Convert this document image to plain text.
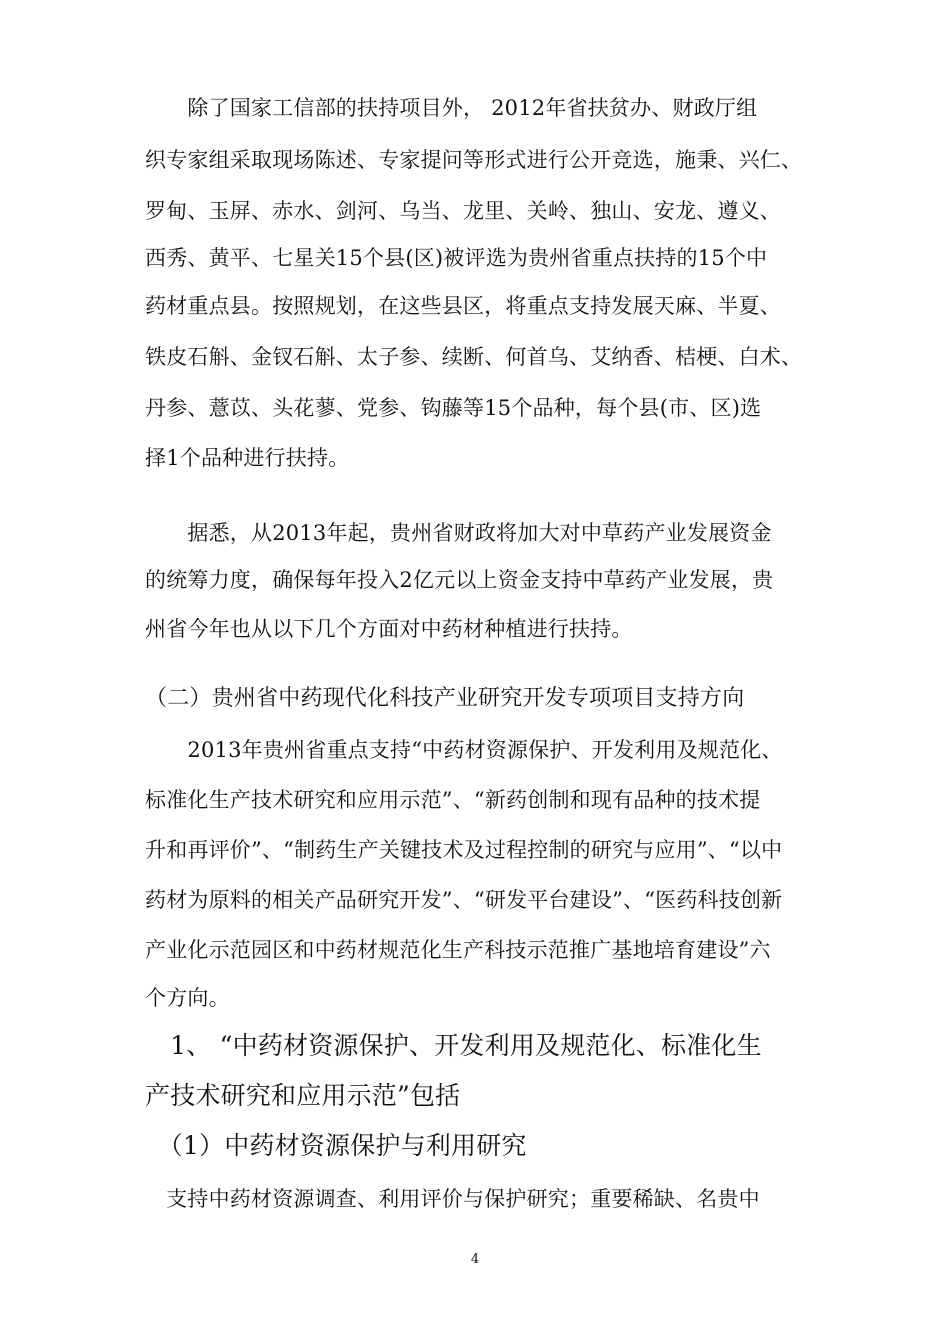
　　除了国家工信部的扶持项目外， 2012年省扶贫办、财政厅组
织专家组采取现场陈述、专家提问等形式进行公开竞选，施秉、兴仁、
罗甸、玉屏、赤水、剑河、乌当、龙里、关岭、独山、安龙、遵义、
西秀、黄平、七星关15个县(区)被评选为贵州省重点扶持的15个中
药材重点县。按照规划，在这些县区，将重点支持发展天麻、半夏、
铁皮石斛、金钗石斛、太子参、续断、何首乌、艾纳香、桔梗、白术、
丹参、薏苡、头花蓼、党参、钩藤等15个品种，每个县(市、区)选
择1个品种进行扶持。
　　据悉，从2013年起，贵州省财政将加大对中草药产业发展资金
的统筹力度，确保每年投入2亿元以上资金支持中草药产业发展，贵
州省今年也从以下几个方面对中药材种植进行扶持。
（二）贵州省中药现代化科技产业研究开发专项项目支持方向
　　2013年贵州省重点支持“中药材资源保护、开发利用及规范化、
标准化生产技术研究和应用示范”、“新药创制和现有品种的技术提
升和再评价”、“制药生产关键技术及过程控制的研究与应用”、“以中
药材为原料的相关产品研究开发”、“研发平台建设”、“医药科技创新
产业化示范园区和中药材规范化生产科技示范推广基地培育建设”六
个方向。
　1、 “中药材资源保护、开发利用及规范化、标准化生
产技术研究和应用示范”包括
　（1）中药材资源保护与利用研究
　支持中药材资源调查、利用评价与保护研究；重要稀缺、名贵中
4
